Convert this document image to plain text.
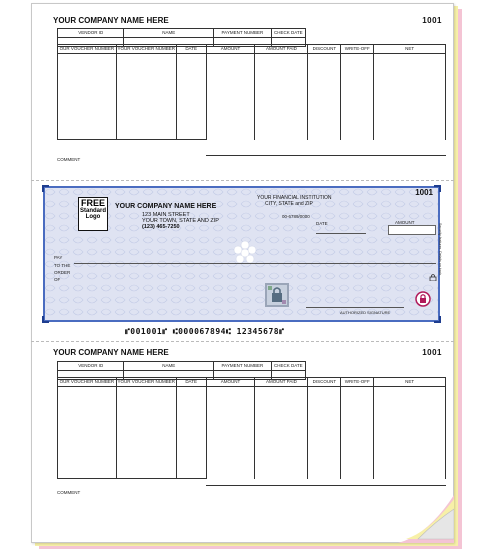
YOUR COMPANY NAME HERE	1001
VENDOR ID	NAME	PAYMENT NUMBER	CHECK DATE

OUR VOUCHER NUMBER	YOUR VOUCHER NUMBER	DATE	AMOUNT	AMOUNT PAID	DISCOUNT	WRITE-OFF	NET

COMMENT
1001
FREE
Standard
Logo
YOUR COMPANY NAME HERE
123 MAIN STREET
YOUR TOWN, STATE AND ZIP
(123) 465-7250
YOUR FINANCIAL INSTITUTION
CITY, STATE and ZIP
00-6789/0000
DATE	AMOUNT
PAY
TO THE
ORDER
OF
AUTHORIZED SIGNATURE
Security features. Details on back.
⑈001001⑈ ⑆000067894⑆ 12345678⑈
YOUR COMPANY NAME HERE	1001
VENDOR ID	NAME	PAYMENT NUMBER	CHECK DATE

OUR VOUCHER NUMBER	YOUR VOUCHER NUMBER	DATE	AMOUNT	AMOUNT PAID	DISCOUNT	WRITE-OFF	NET

COMMENT
